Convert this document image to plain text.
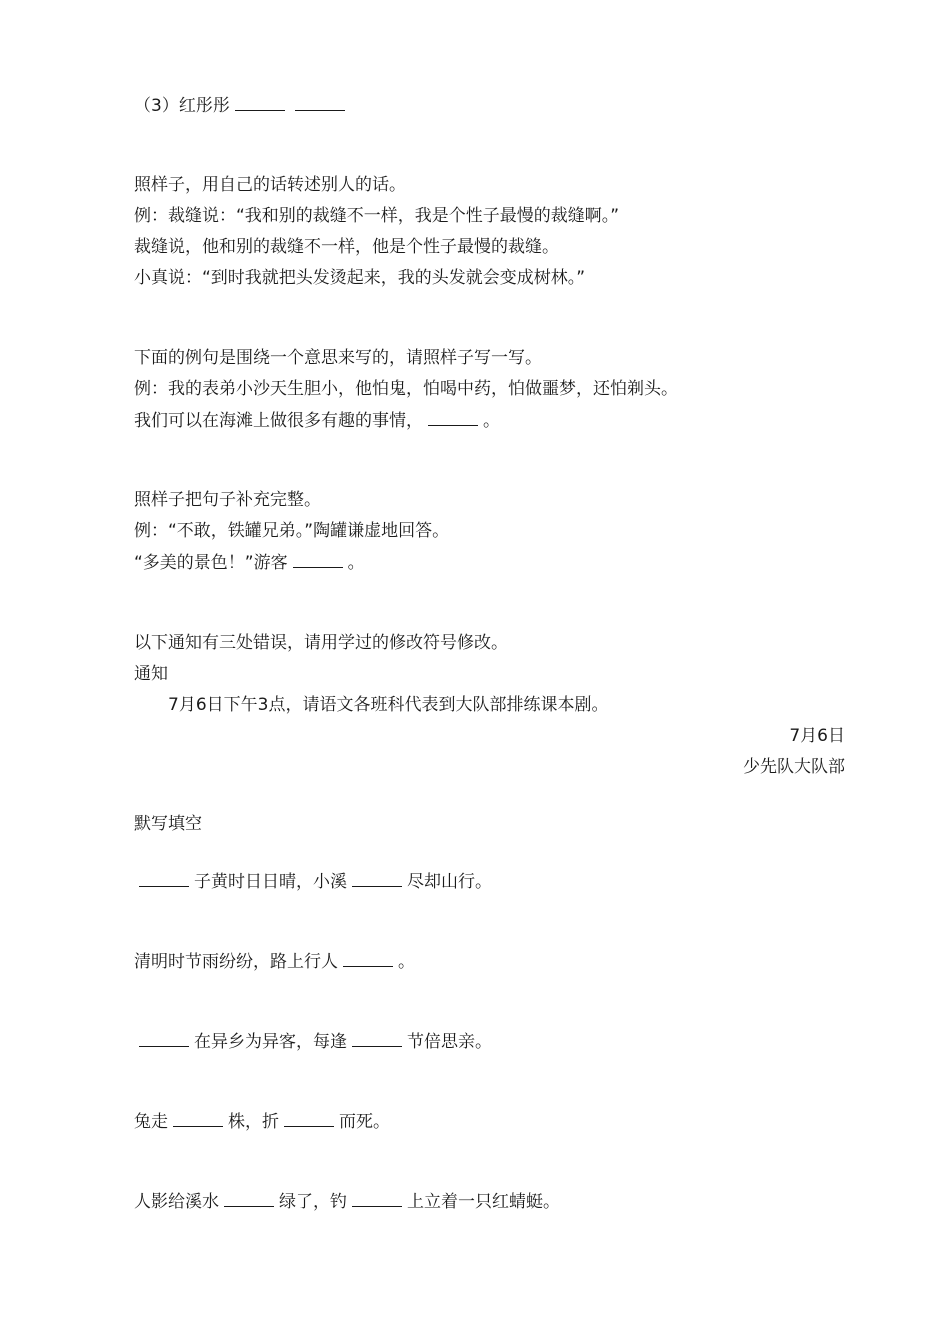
（3）红彤彤
照样子，用自己的话转述别人的话。
例：裁缝说：“我和别的裁缝不一样，我是个性子最慢的裁缝啊。”
裁缝说，他和别的裁缝不一样，他是个性子最慢的裁缝。
小真说：“到时我就把头发烫起来，我的头发就会变成树林。”
下面的例句是围绕一个意思来写的，请照样子写一写。
例：我的表弟小沙天生胆小，他怕鬼，怕喝中药，怕做噩梦，还怕剃头。
我们可以在海滩上做很多有趣的事情，	。
照样子把句子补充完整。
例：“不敢，铁罐兄弟。”陶罐谦虚地回答。
“多美的景色！”游客	。
以下通知有三处错误，请用学过的修改符号修改。
通知
7月6日下午3点，请语文各班科代表到大队部排练课本剧。
7月6日
少先队大队部
默写填空
子黄时日日晴，小溪	尽却山行。
清明时节雨纷纷，路上行人	。
在异乡为异客，每逢	节倍思亲。
兔走	株，折	而死。
人影给溪水	绿了，钓	上立着一只红蜻蜓。
